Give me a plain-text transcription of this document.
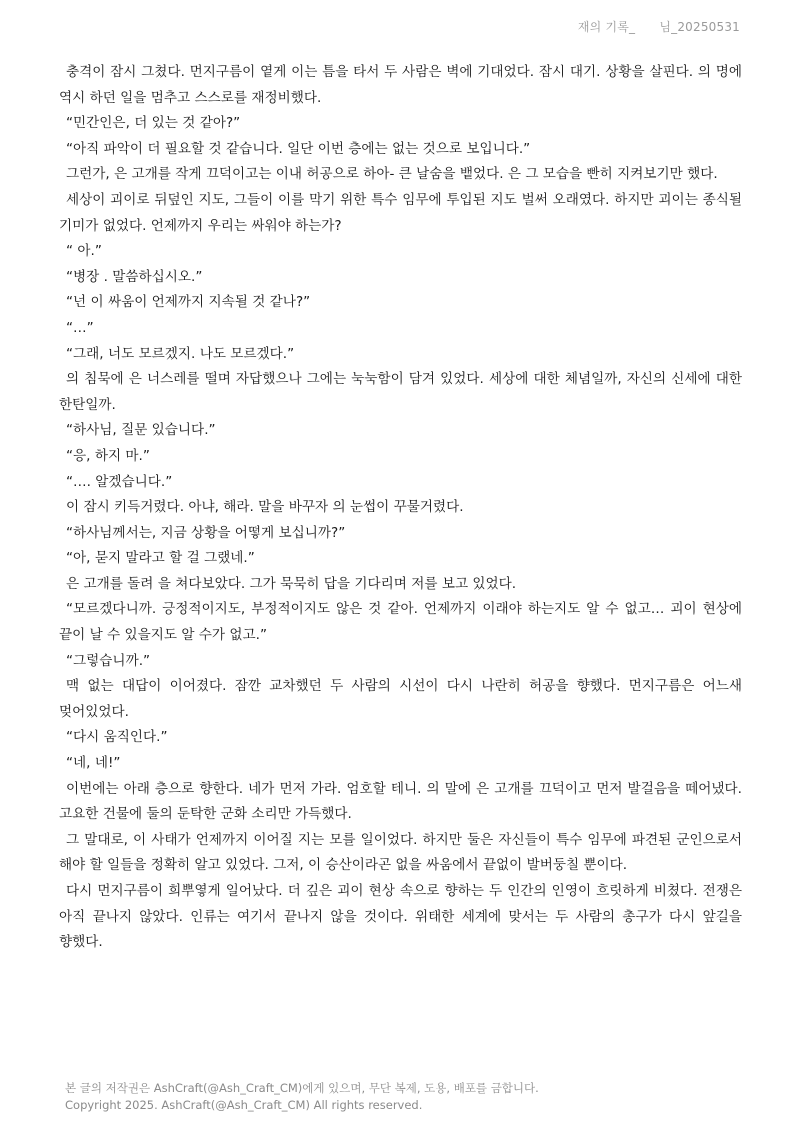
재의 기록_      님_20250531

충격이 잠시 그쳤다. 먼지구름이 옅게 이는 틈을 타서 두 사람은 벽에 기대었다. 잠시 대기. 상황을 살핀다. 의 명에 역시 하던 일을 멈추고 스스로를 재정비했다.

“민간인은, 더 있는 것 같아?”

“아직 파악이 더 필요할 것 같습니다. 일단 이번 층에는 없는 것으로 보입니다.”

그런가, 은 고개를 작게 끄덕이고는 이내 허공으로 하아- 큰 날숨을 뱉었다. 은 그 모습을 빤히 지켜보기만 했다.

세상이 괴이로 뒤덮인 지도, 그들이 이를 막기 위한 특수 임무에 투입된 지도 벌써 오래였다. 하지만 괴이는 종식될 기미가 없었다. 언제까지 우리는 싸워야 하는가?

“ 아.”

“병장 . 말씀하십시오.”

“넌 이 싸움이 언제까지 지속될 것 같나?”

“…”

“그래, 너도 모르겠지. 나도 모르겠다.”

의 침묵에 은 너스레를 떨며 자답했으나 그에는 눅눅함이 담겨 있었다. 세상에 대한 체념일까, 자신의 신세에 대한 한탄일까.

“하사님, 질문 있습니다.”

“응, 하지 마.”

“…. 알겠습니다.”

이 잠시 키득거렸다. 아냐, 해라. 말을 바꾸자 의 눈썹이 꾸물거렸다.

“하사님께서는, 지금 상황을 어떻게 보십니까?”

“아, 묻지 말라고 할 걸 그랬네.”

은 고개를 돌려 을 쳐다보았다. 그가 묵묵히 답을 기다리며 저를 보고 있었다.

“모르겠다니까. 긍정적이지도, 부정적이지도 않은 것 같아. 언제까지 이래야 하는지도 알 수 없고… 괴이 현상에 끝이 날 수 있을지도 알 수가 없고.”

“그렇습니까.”

맥 없는 대답이 이어졌다. 잠깐 교차했던 두 사람의 시선이 다시 나란히 허공을 향했다. 먼지구름은 어느새 멎어있었다.

“다시 움직인다.”

“네, 네!”

이번에는 아래 층으로 향한다. 네가 먼저 가라. 엄호할 테니. 의 말에 은 고개를 끄덕이고 먼저 발걸음을 떼어냈다. 고요한 건물에 둘의 둔탁한 군화 소리만 가득했다.

그 말대로, 이 사태가 언제까지 이어질 지는 모를 일이었다. 하지만 둘은 자신들이 특수 임무에 파견된 군인으로서 해야 할 일들을 정확히 알고 있었다. 그저, 이 승산이라곤 없을 싸움에서 끝없이 발버둥칠 뿐이다.

다시 먼지구름이 희뿌옇게 일어났다. 더 깊은 괴이 현상 속으로 향하는 두 인간의 인영이 흐릿하게 비쳤다. 전쟁은 아직 끝나지 않았다. 인류는 여기서 끝나지 않을 것이다. 위태한 세계에 맞서는 두 사람의 총구가 다시 앞길을 향했다.

본 글의 저작권은 AshCraft(@Ash_Craft_CM)에게 있으며, 무단 복제, 도용, 배포를 금합니다.
Copyright 2025. AshCraft(@Ash_Craft_CM) All rights reserved.
